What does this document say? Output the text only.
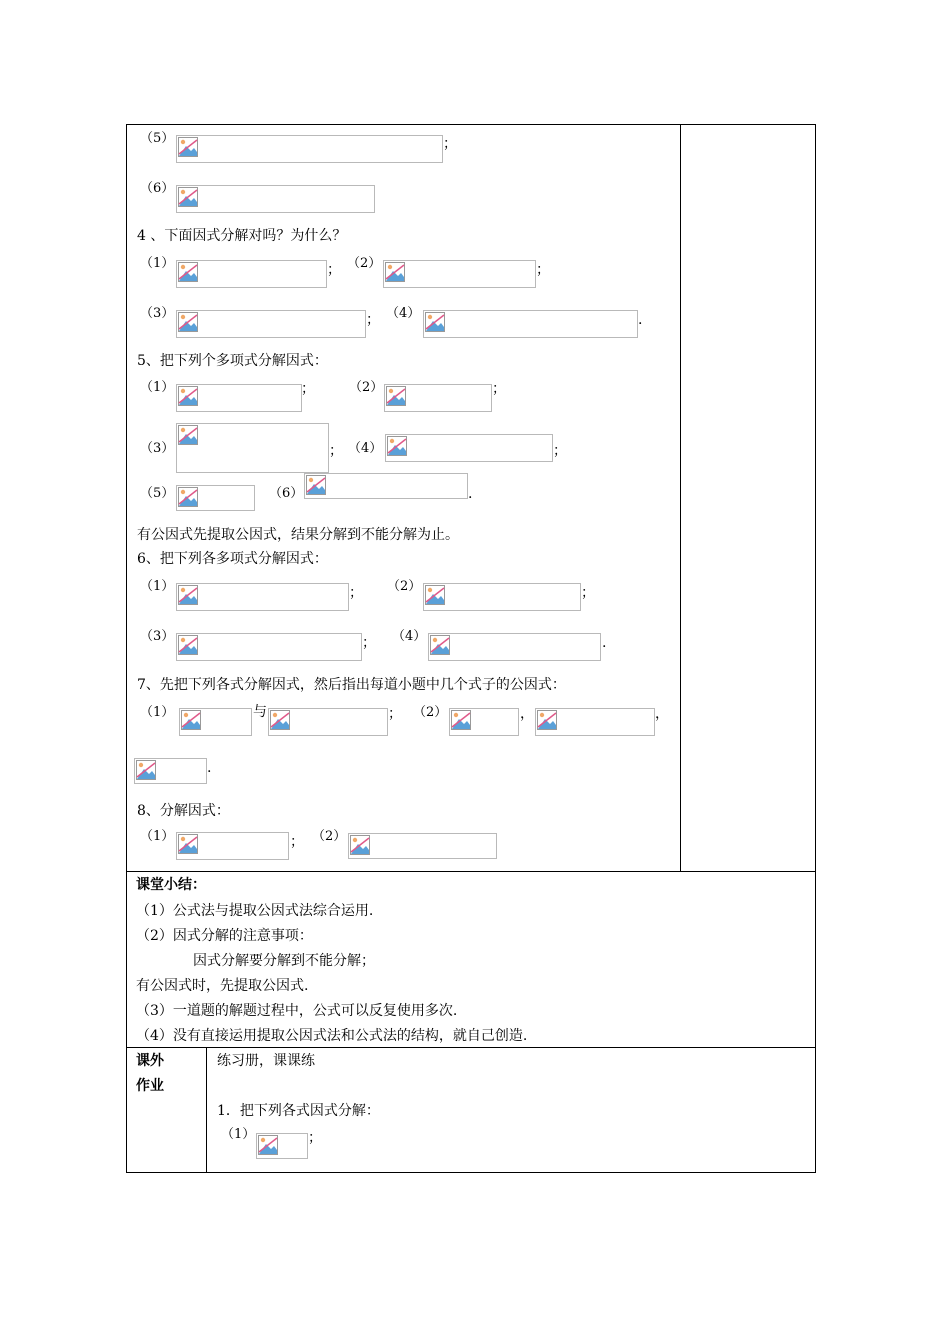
（5）	；
（6）
4 、下面因式分解对吗？为什么？
（1）	； （2）	；
（3）	； （4）	.
5、把下列个多项式分解因式：
（1）	；	（2）	；
（3）	； （4）	；
（5）	（6）	.
有公因式先提取公因式，结果分解到不能分解为止。
6、把下列各多项式分解因式：
（1）	； （2）	；
（3）	； （4）	.
7、先把下列各式分解因式，然后指出每道小题中几个式子的公因式：
（1）	与	； （2）	，	，
.
8、分解因式：
（1）	； （2）
课堂小结：
（1）公式法与提取公因式法综合运用.
（2）因式分解的注意事项：
因式分解要分解到不能分解；
有公因式时，先提取公因式.
（3）一道题的解题过程中，公式可以反复使用多次.
（4）没有直接运用提取公因式法和公式法的结构，就自己创造.
课外
作业
练习册，课课练
1．把下列各式因式分解：
（1）	；
